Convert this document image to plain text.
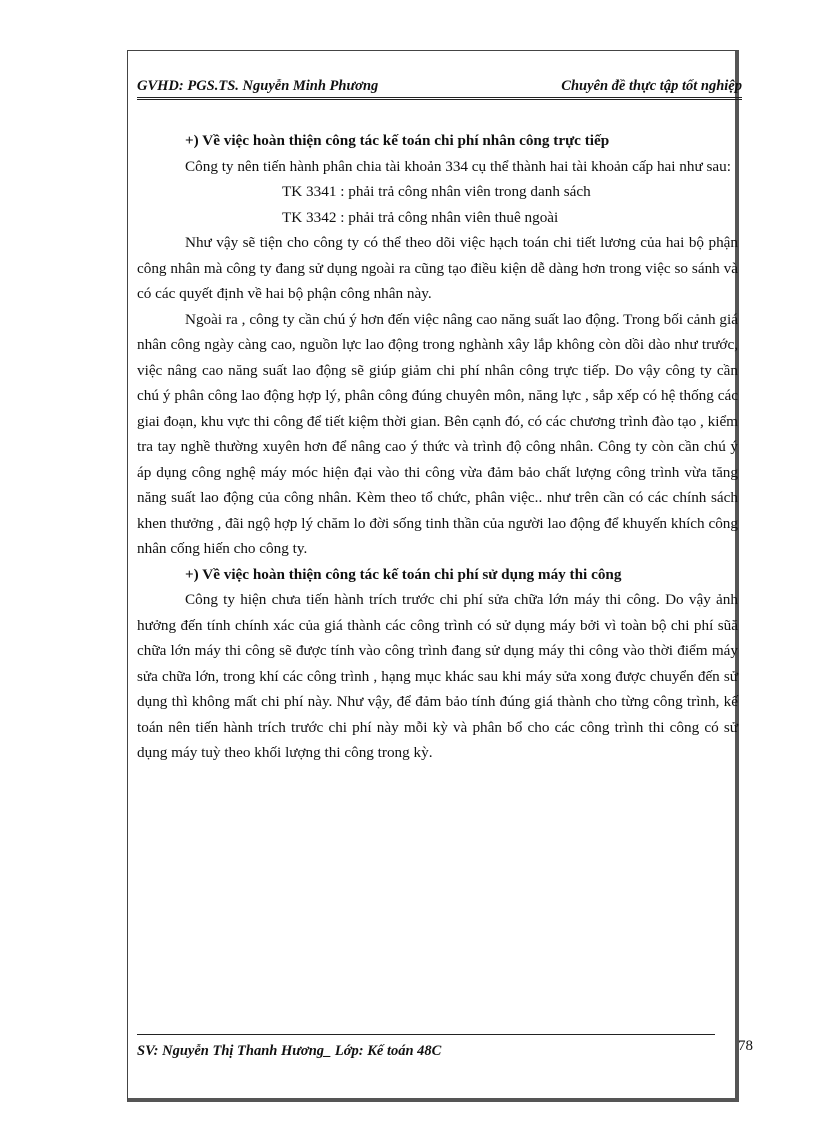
GVHD: PGS.TS. Nguyễn Minh Phương	Chuyên đề thực tập tốt nghiệp

+) Về việc hoàn thiện công tác kế toán chi phí nhân công trực tiếp

Công ty nên tiến hành phân chia tài khoản 334 cụ thể thành hai tài khoản cấp hai như sau:

TK 3341 : phải trả công nhân viên trong danh sách

TK 3342 : phải trả công nhân viên thuê ngoài

Như vậy sẽ tiện cho công ty có thể theo dõi việc hạch toán chi tiết lương của hai bộ phận công nhân mà công ty đang sử dụng ngoài ra cũng tạo điều kiện dễ dàng hơn trong việc so sánh và có các quyết định về hai bộ phận công nhân này.

Ngoài ra , công ty cần chú ý hơn đến việc nâng cao năng suất lao động. Trong bối cảnh giá nhân công ngày càng cao, nguồn lực lao động trong nghành xây lắp không còn dồi dào như trước, việc nâng cao năng suất lao động sẽ giúp giảm chi phí nhân công trực tiếp. Do vậy công ty cần chú ý phân công lao động hợp lý, phân công đúng chuyên môn, năng lực , sắp xếp có hệ thống các giai đoạn, khu vực thi công để tiết kiệm thời gian. Bên cạnh đó, có các chương trình đào tạo , kiểm tra tay nghề thường xuyên hơn để nâng cao ý thức và trình độ công nhân. Công ty còn cần chú ý áp dụng công nghệ máy móc hiện đại vào thi công vừa đảm bảo chất lượng công trình vừa tăng năng suất lao động của công nhân. Kèm theo tổ chức, phân việc.. như trên cần có các chính sách khen thưởng , đãi ngộ hợp lý chăm lo đời sống tinh thần của người lao động để khuyến khích công nhân cống hiến cho công ty.

+) Về việc hoàn thiện công tác kế toán chi phí sử dụng máy thi công

Công ty hiện chưa tiến hành trích trước chi phí sửa chữa lớn máy thi công. Do vậy ảnh hưởng đến tính chính xác của giá thành các công trình có sử dụng máy bởi vì toàn bộ chi phí sũă chữa lớn máy thi công sẽ được tính vào công trình đang sử dụng máy thi công vào thời điểm máy sửa chữa lớn, trong khí các công trình , hạng mục khác sau khi máy sửa xong được chuyển đến sử dụng thì không mất chi phí này. Như vậy, để đảm bảo tính đúng giá thành cho từng công trình, kế toán nên tiến hành trích trước chi phí này mỗi kỳ và phân bổ cho các công trình thi công có sử dụng máy tuỳ theo khối lượng thi công trong kỳ.

SV: Nguyễn Thị Thanh Hương_ Lớp: Kế toán 48C	78
